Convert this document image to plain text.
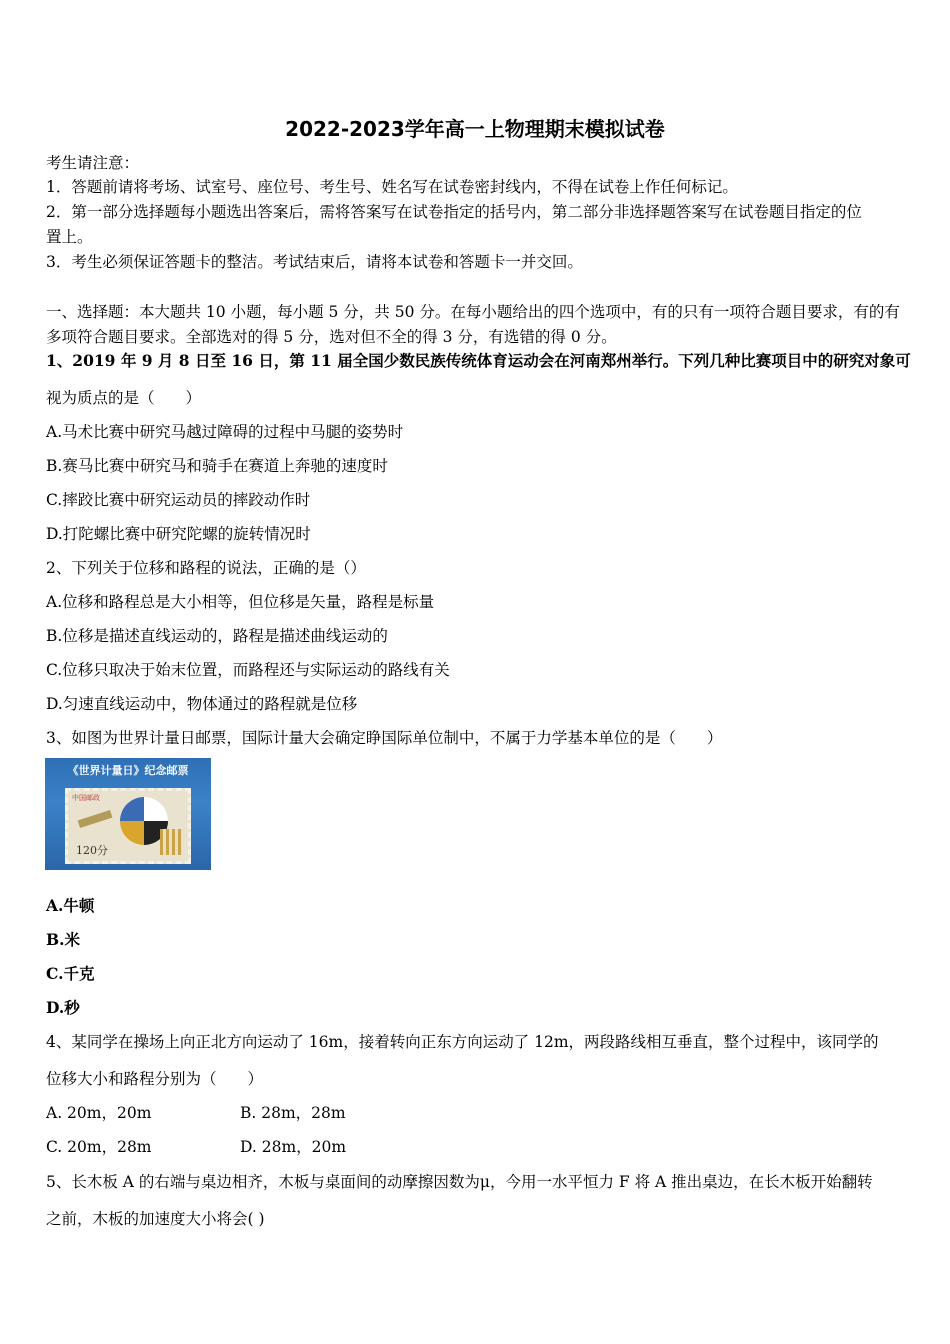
2022-2023学年高一上物理期末模拟试卷
考生请注意：
1．答题前请将考场、试室号、座位号、考生号、姓名写在试卷密封线内，不得在试卷上作任何标记。
2．第一部分选择题每小题选出答案后，需将答案写在试卷指定的括号内，第二部分非选择题答案写在试卷题目指定的位
置上。
3．考生必须保证答题卡的整洁。考试结束后，请将本试卷和答题卡一并交回。
一、选择题：本大题共 10 小题，每小题 5 分，共 50 分。在每小题给出的四个选项中，有的只有一项符合题目要求，有的有
多项符合题目要求。全部选对的得 5 分，选对但不全的得 3 分，有选错的得 0 分。
1、2019 年 9 月 8 日至 16 日，第 11 届全国少数民族传统体育运动会在河南郑州举行。下列几种比赛项目中的研究对象可
视为质点的是（　　）
A.马术比赛中研究马越过障碍的过程中马腿的姿势时
B.赛马比赛中研究马和骑手在赛道上奔驰的速度时
C.摔跤比赛中研究运动员的摔跤动作时
D.打陀螺比赛中研究陀螺的旋转情况时
2、下列关于位移和路程的说法，正确的是（）
A.位移和路程总是大小相等，但位移是矢量，路程是标量
B.位移是描述直线运动的，路程是描述曲线运动的
C.位移只取决于始末位置，而路程还与实际运动的路线有关
D.匀速直线运动中，物体通过的路程就是位移
3、如图为世界计量日邮票，国际计量大会确定睁国际单位制中，不属于力学基本单位的是（　　）
《世界计量日》纪念邮票
中国邮政
120分
A.牛顿
B.米
C.千克
D.秒
4、某同学在操场上向正北方向运动了 16m，接着转向正东方向运动了 12m，两段路线相互垂直，整个过程中，该同学的
位移大小和路程分别为（　　）
A. 20m，20m	B. 28m，28m
C. 20m，28m	D. 28m，20m
5、长木板 A 的右端与桌边相齐，木板与桌面间的动摩擦因数为μ，今用一水平恒力 F 将 A 推出桌边，在长木板开始翻转
之前，木板的加速度大小将会( )
